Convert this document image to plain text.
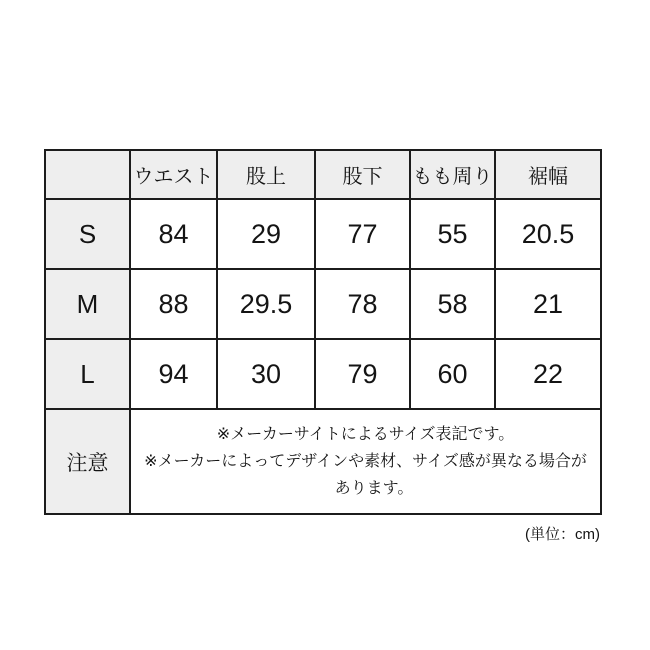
	ウエスト	股上	股下	もも周り	裾幅
S	84	29	77	55	20.5
M	88	29.5	78	58	21
L	94	30	79	60	22
注意	※メーカーサイトによるサイズ表記です。
※メーカーによってデザインや素材、サイズ感が異なる場合が
あります。				
(単位：cm)
